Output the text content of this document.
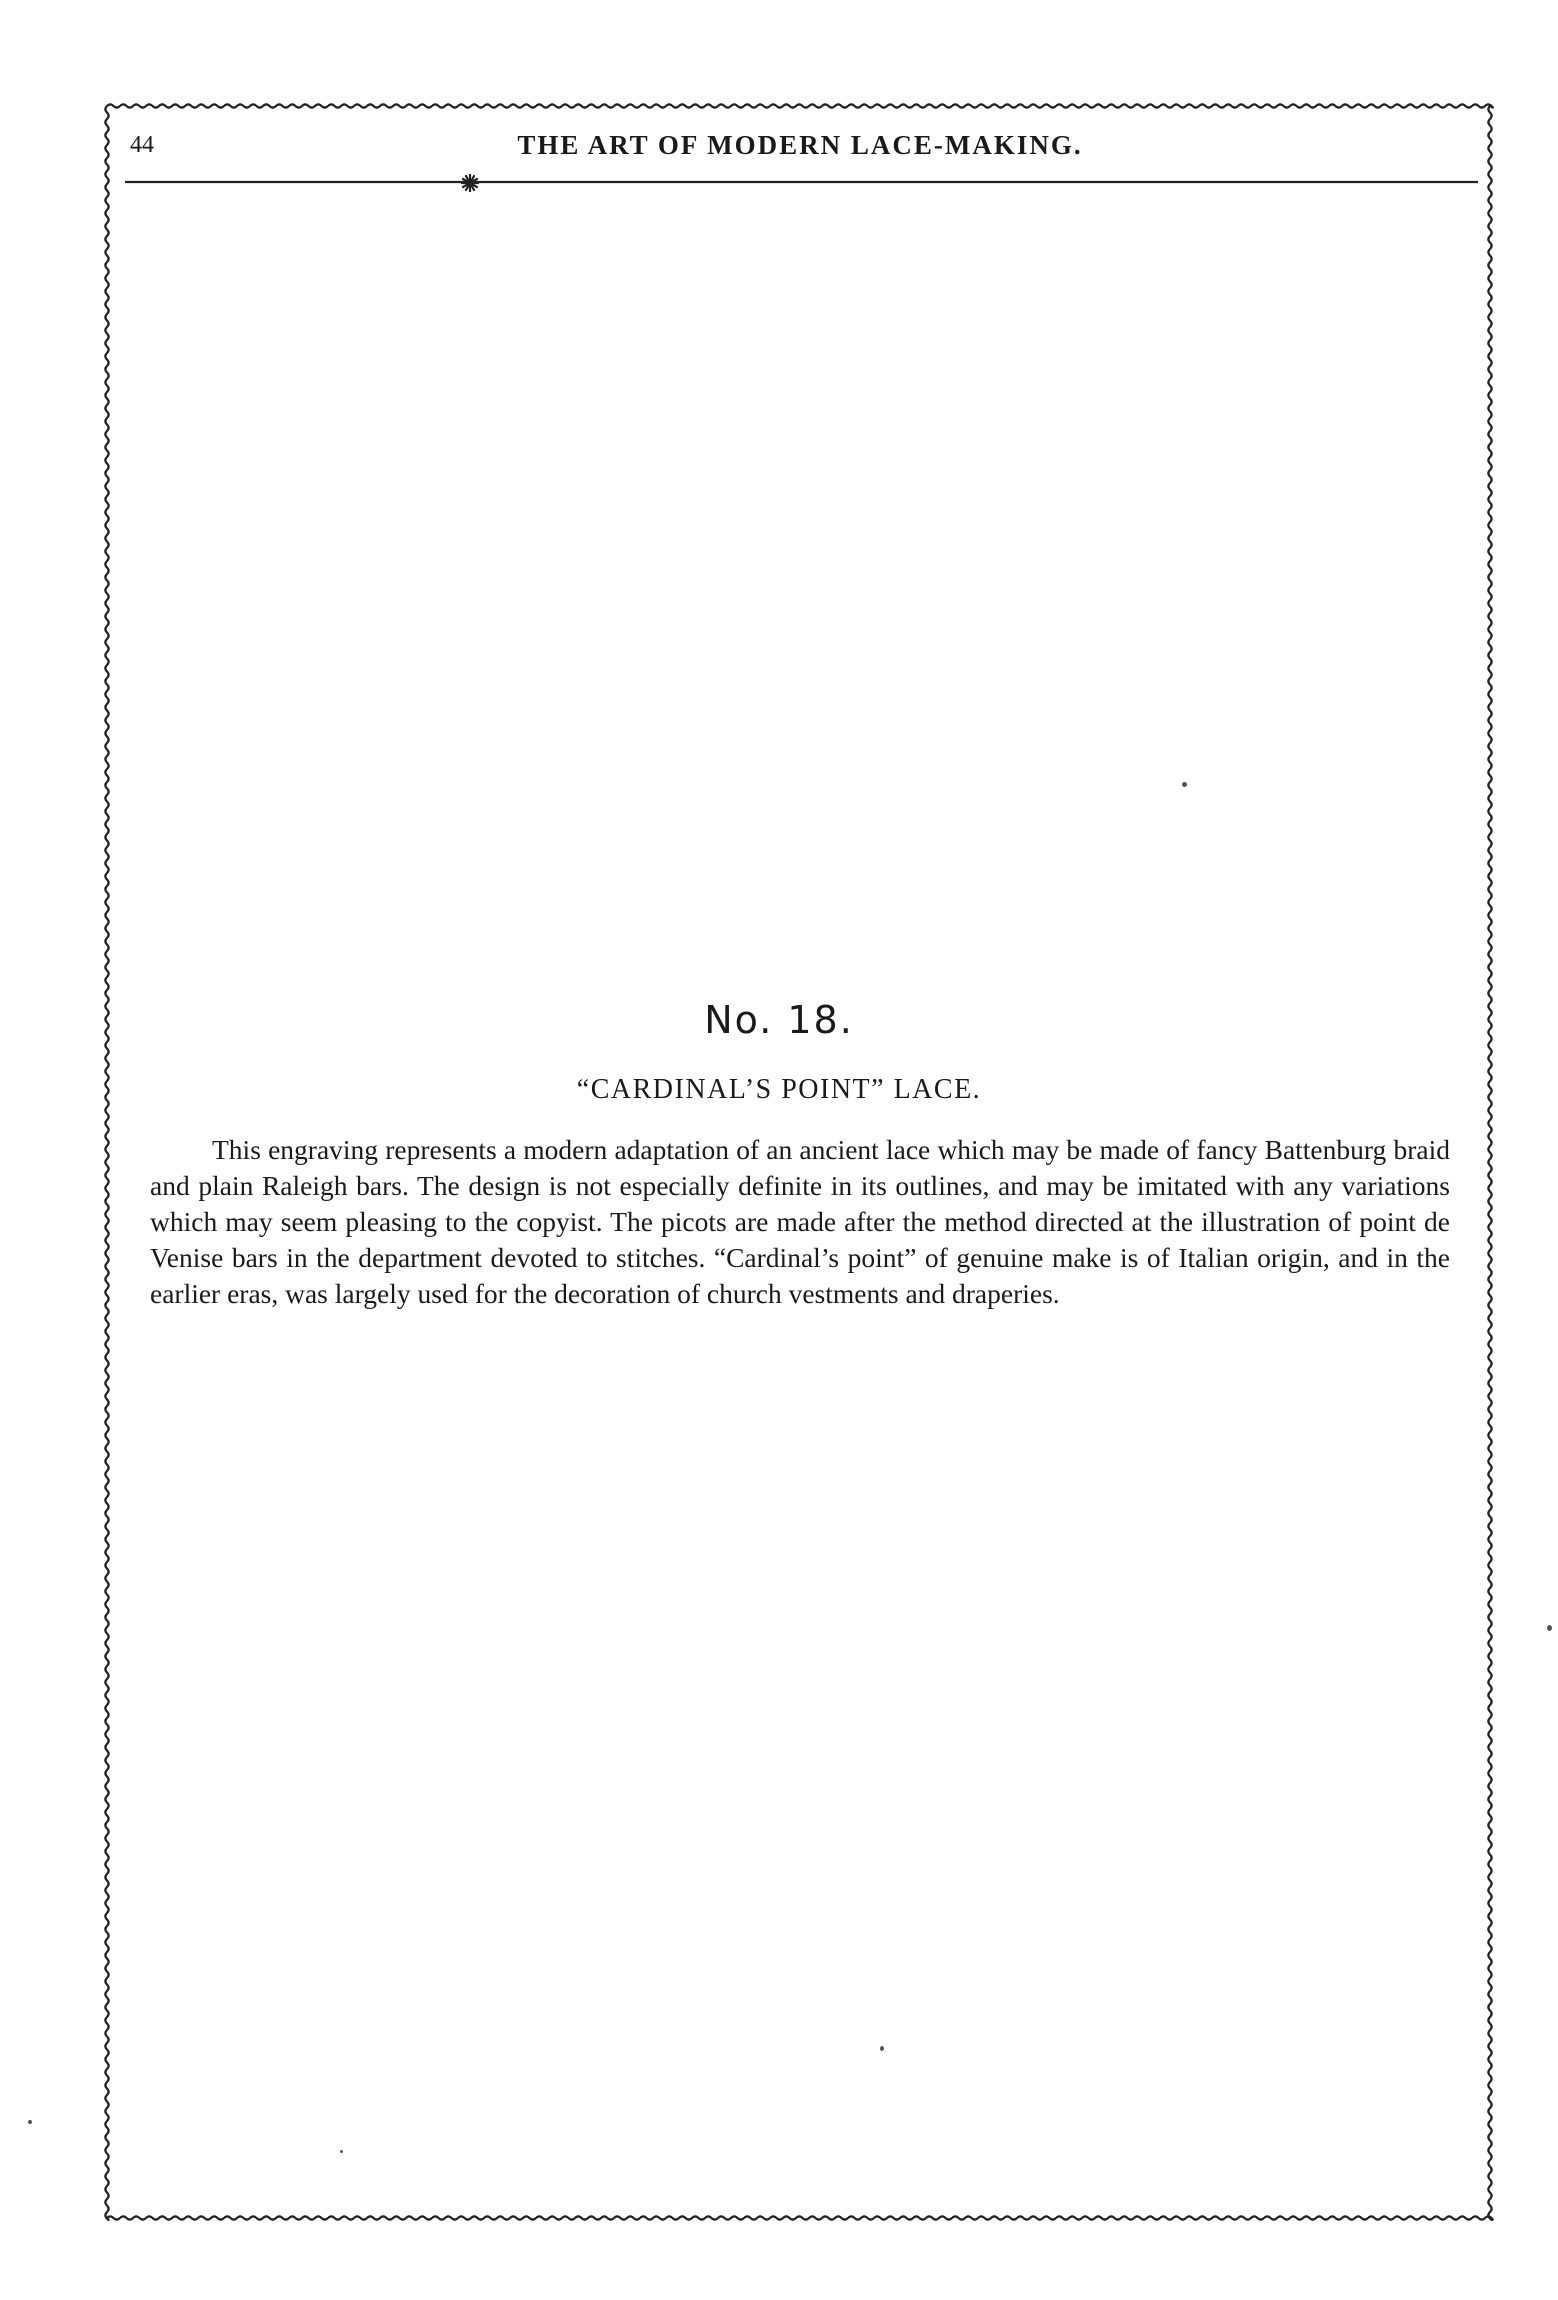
44	THE ART OF MODERN LACE-MAKING.
No. 18.
“CARDINAL’S POINT” LACE.
This engraving represents a modern adaptation of an ancient lace which may be made of fancy Battenburg braid and plain Raleigh bars. The design is not especially definite in its outlines, and may be imitated with any variations which may seem pleasing to the copyist. The picots are made after the method directed at the illustration of point de Venise bars in the department devoted to stitches. “Cardinal’s point” of genuine make is of Italian origin, and in the earlier eras, was largely used for the decoration of church vestments and draperies.
